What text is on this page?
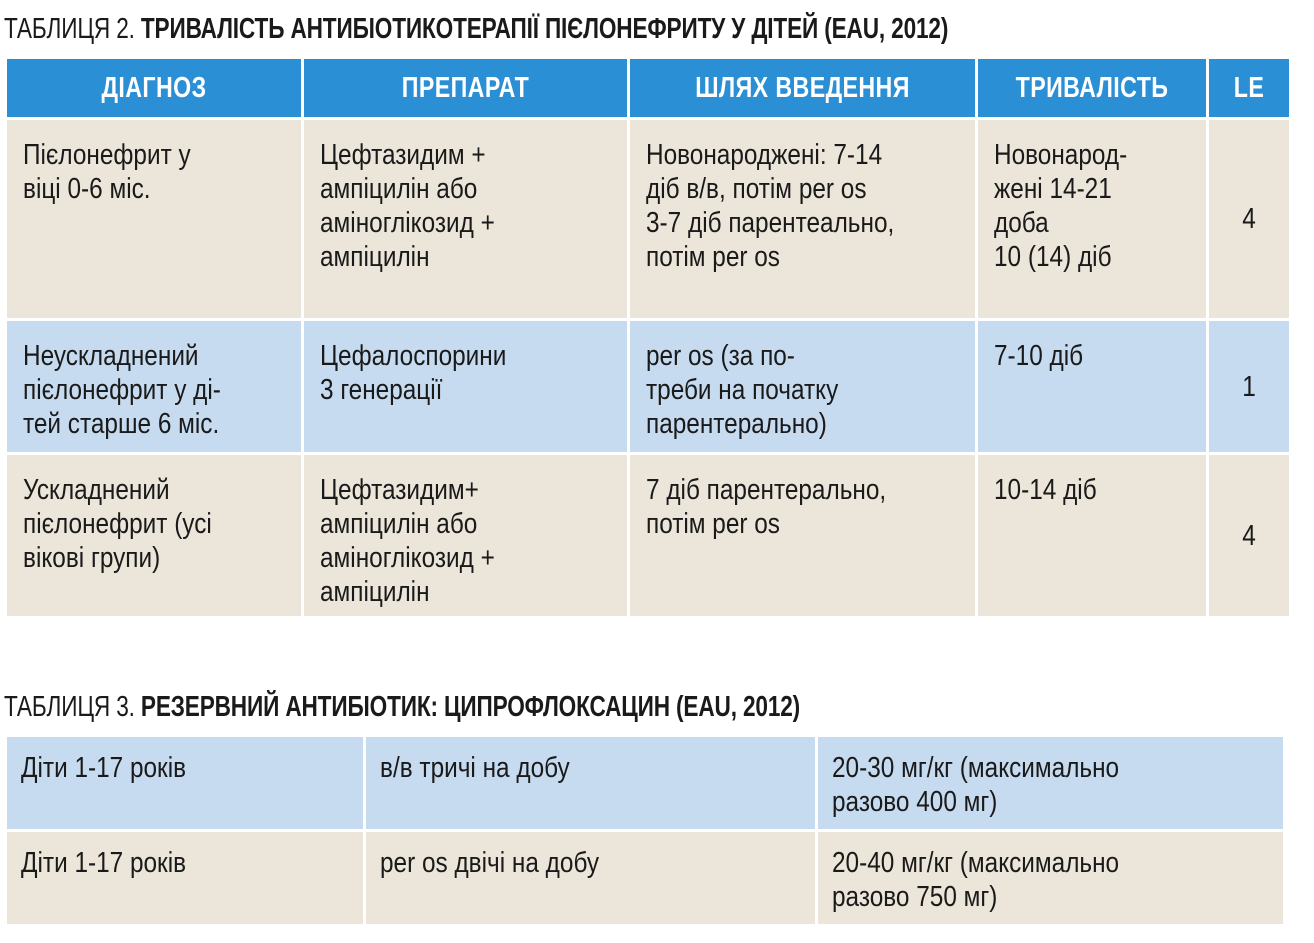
ТАБЛИЦЯ 2. ТРИВАЛІСТЬ АНТИБІОТИКОТЕРАПІЇ ПІЄЛОНЕФРИТУ У ДІТЕЙ (EAU, 2012)
ДІАГНОЗ	ПРЕПАРАТ	ШЛЯХ ВВЕДЕННЯ	ТРИВАЛІСТЬ	LE

Пієлонефрит у
віці 0-6 міс.	Цефтазидим +
ампіцилін або
аміноглікозид +
ампіцилін	Новонароджені: 7-14
діб в/в, потім per os
3-7 діб парентеально,
потім per os	Новонарод-
жені 14-21
доба
10 (14) діб	4

Неускладнений
пієлонефрит у ді-
тей старше 6 міс.	Цефалоспорини
3 генерації	per os (за по-
треби на початку
парентерально)	7-10 діб	1

Ускладнений
пієлонефрит (усі
вікові групи)	Цефтазидим+
ампіцилін або
аміноглікозид +
ампіцилін	7 діб парентерально,
потім per os	10-14 діб	4
ТАБЛИЦЯ 3. РЕЗЕРВНИЙ АНТИБІОТИК: ЦИПРОФЛОКСАЦИН (EAU, 2012)
Діти 1-17 років	в/в тричі на добу	20-30 мг/кг (максимально
разово 400 мг)

Діти 1-17 років	per os двічі на добу	20-40 мг/кг (максимально
разово 750 мг)
